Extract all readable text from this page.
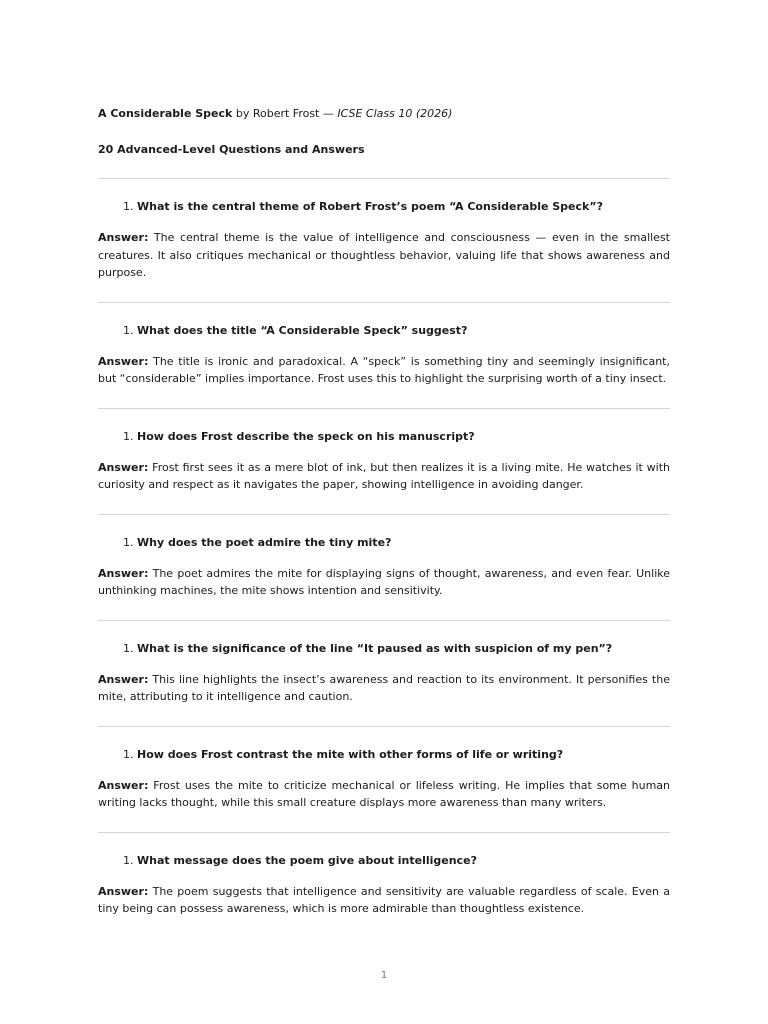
A Considerable Speck by Robert Frost — ICSE Class 10 (2026)

20 Advanced-Level Questions and Answers

1. What is the central theme of Robert Frost’s poem “A Considerable Speck”?

Answer: The central theme is the value of intelligence and consciousness — even in the smallest creatures. It also critiques mechanical or thoughtless behavior, valuing life that shows awareness and purpose.

1. What does the title “A Considerable Speck” suggest?

Answer: The title is ironic and paradoxical. A “speck” is something tiny and seemingly insignificant, but “considerable” implies importance. Frost uses this to highlight the surprising worth of a tiny insect.

1. How does Frost describe the speck on his manuscript?

Answer: Frost first sees it as a mere blot of ink, but then realizes it is a living mite. He watches it with curiosity and respect as it navigates the paper, showing intelligence in avoiding danger.

1. Why does the poet admire the tiny mite?

Answer: The poet admires the mite for displaying signs of thought, awareness, and even fear. Unlike unthinking machines, the mite shows intention and sensitivity.

1. What is the significance of the line “It paused as with suspicion of my pen”?

Answer: This line highlights the insect’s awareness and reaction to its environment. It personifies the mite, attributing to it intelligence and caution.

1. How does Frost contrast the mite with other forms of life or writing?

Answer: Frost uses the mite to criticize mechanical or lifeless writing. He implies that some human writing lacks thought, while this small creature displays more awareness than many writers.

1. What message does the poem give about intelligence?

Answer: The poem suggests that intelligence and sensitivity are valuable regardless of scale. Even a tiny being can possess awareness, which is more admirable than thoughtless existence.

1
